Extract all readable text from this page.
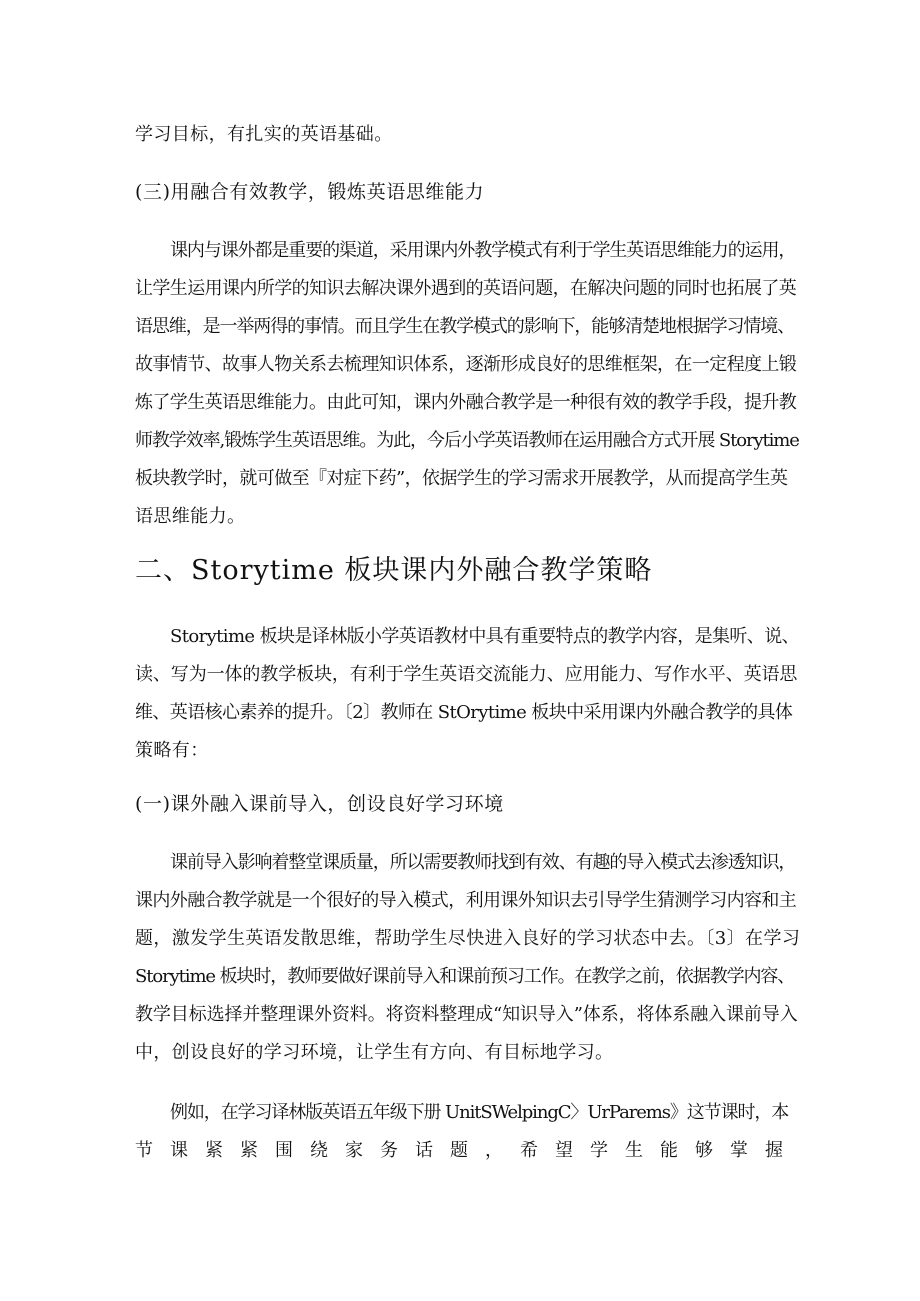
学习目标，有扎实的英语基础。
(三)用融合有效教学，锻炼英语思维能力
课内与课外都是重要的渠道，采用课内外教学模式有利于学生英语思维能力的运用，
让学生运用课内所学的知识去解决课外遇到的英语问题，在解决问题的同时也拓展了英
语思维，是一举两得的事情。而且学生在教学模式的影响下，能够清楚地根据学习情境、
故事情节、故事人物关系去梳理知识体系，逐渐形成良好的思维框架，在一定程度上锻
炼了学生英语思维能力。由此可知，课内外融合教学是一种很有效的教学手段，提升教
师教学效率,锻炼学生英语思维。为此，今后小学英语教师在运用融合方式开展 Storytime
板块教学时，就可做至『对症下药”，依据学生的学习需求开展教学，从而提高学生英
语思维能力。
二、Storytime 板块课内外融合教学策略
Storytime 板块是译林版小学英语教材中具有重要特点的教学内容，是集听、说、
读、写为一体的教学板块，有利于学生英语交流能力、应用能力、写作水平、英语思
维、英语核心素养的提升。〔2〕教师在 StOrytime 板块中采用课内外融合教学的具体
策略有：
(一)课外融入课前导入，创设良好学习环境
课前导入影响着整堂课质量，所以需要教师找到有效、有趣的导入模式去渗透知识，
课内外融合教学就是一个很好的导入模式，利用课外知识去引导学生猜测学习内容和主
题，激发学生英语发散思维，帮助学生尽快进入良好的学习状态中去。〔3〕在学习
Storytime 板块时，教师要做好课前导入和课前预习工作。在教学之前，依据教学内容、
教学目标选择并整理课外资料。将资料整理成“知识导入”体系，将体系融入课前导入
中，创设良好的学习环境，让学生有方向、有目标地学习。
例如，在学习译林版英语五年级下册 UnitSWelpingC〉UrParems》这节课时，本
节课紧紧围绕家务话题，希望学生能够掌握
